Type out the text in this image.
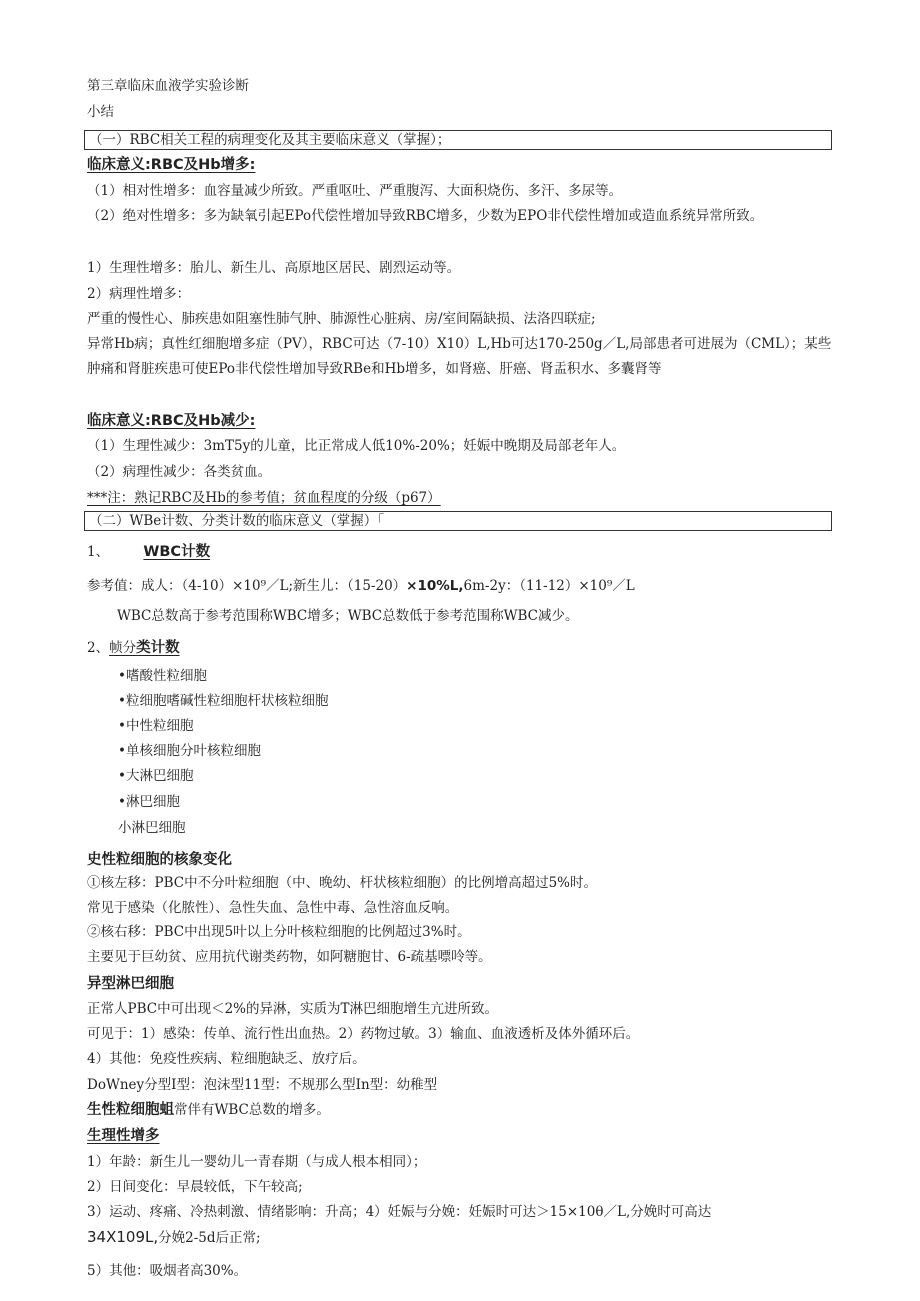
第三章临床血液学实验诊断
小结
（一）RBC相关工程的病理变化及其主要临床意义（掌握）；
临床意义:RBC及Hb增多:
（1）相对性增多：血容量减少所致。严重呕吐、严重腹泻、大面积烧伤、多汗、多尿等。
（2）绝对性增多：多为缺氧引起EPo代偿性增加导致RBC增多，少数为EPO非代偿性增加或造血系统异常所致。
1）生理性增多：胎儿、新生儿、高原地区居民、剧烈运动等。
2）病理性增多：
严重的慢性心、肺疾患如阻塞性肺气肿、肺源性心脏病、房/室间隔缺损、法洛四联症;
异常Hb病；真性红细胞增多症（PV），RBC可达（7-10）X10）L,Hb可达170-250g／L,局部患者可进展为（CML）；某些肿痛和肾脏疾患可使EPo非代偿性增加导致RBe和Hb增多，如肾癌、肝癌、肾盂积水、多囊肾等
临床意义:RBC及Hb减少:
（1）生理性减少：3mT5y的儿童，比正常成人低10%-20%；妊娠中晚期及局部老年人。
（2）病理性减少：各类贫血。
***注：熟记RBC及Hb的参考值；贫血程度的分级（p67）
（二）WBe计数、分类计数的临床意义（掌握）「
1、 WBC计数
参考值：成人：（4-10）×10⁹／L;新生儿：（15-20）×10%L,6m-2y：（11-12）×10⁹／L
WBC总数高于参考范围称WBC增多；WBC总数低于参考范围称WBC减少。
2、帧分类计数
•嗜酸性粒细胞
•粒细胞嗜碱性粒细胞杆状核粒细胞
•中性粒细胞
•单核细胞分叶核粒细胞
•大淋巴细胞
•淋巴细胞
小淋巴细胞
史性粒细胞的核象变化
①核左移：PBC中不分叶粒细胞（中、晚幼、杆状核粒细胞）的比例增高超过5%时。
常见于感染（化脓性）、急性失血、急性中毒、急性溶血反响。
②核右移：PBC中出现5叶以上分叶核粒细胞的比例超过3%时。
主要见于巨幼贫、应用抗代谢类药物，如阿糖胞甘、6-疏基嘌呤等。
异型淋巴细胞
正常人PBC中可出现＜2%的异淋，实质为T淋巴细胞增生亢进所致。
可见于：1）感染：传单、流行性出血热。2）药物过敏。3）输血、血液透析及体外循环后。
4）其他：免疫性疾病、粒细胞缺乏、放疗后。
DoWney分型Ⅰ型：泡沫型11型：不规那么型In型：幼稚型
生性粒细胞蛆常伴有WBC总数的增多。
生理性增多
1）年龄：新生儿一婴幼儿一青春期（与成人根本相同）；
2）日间变化：早晨较低，下午较高;
3）运动、疼痛、冷热刺激、情绪影响：升高；4）妊娠与分娩：妊娠时可达＞15×10θ／L,分娩时可高达
34X109L,分娩2-5d后正常;
5）其他：吸烟者高30%。
